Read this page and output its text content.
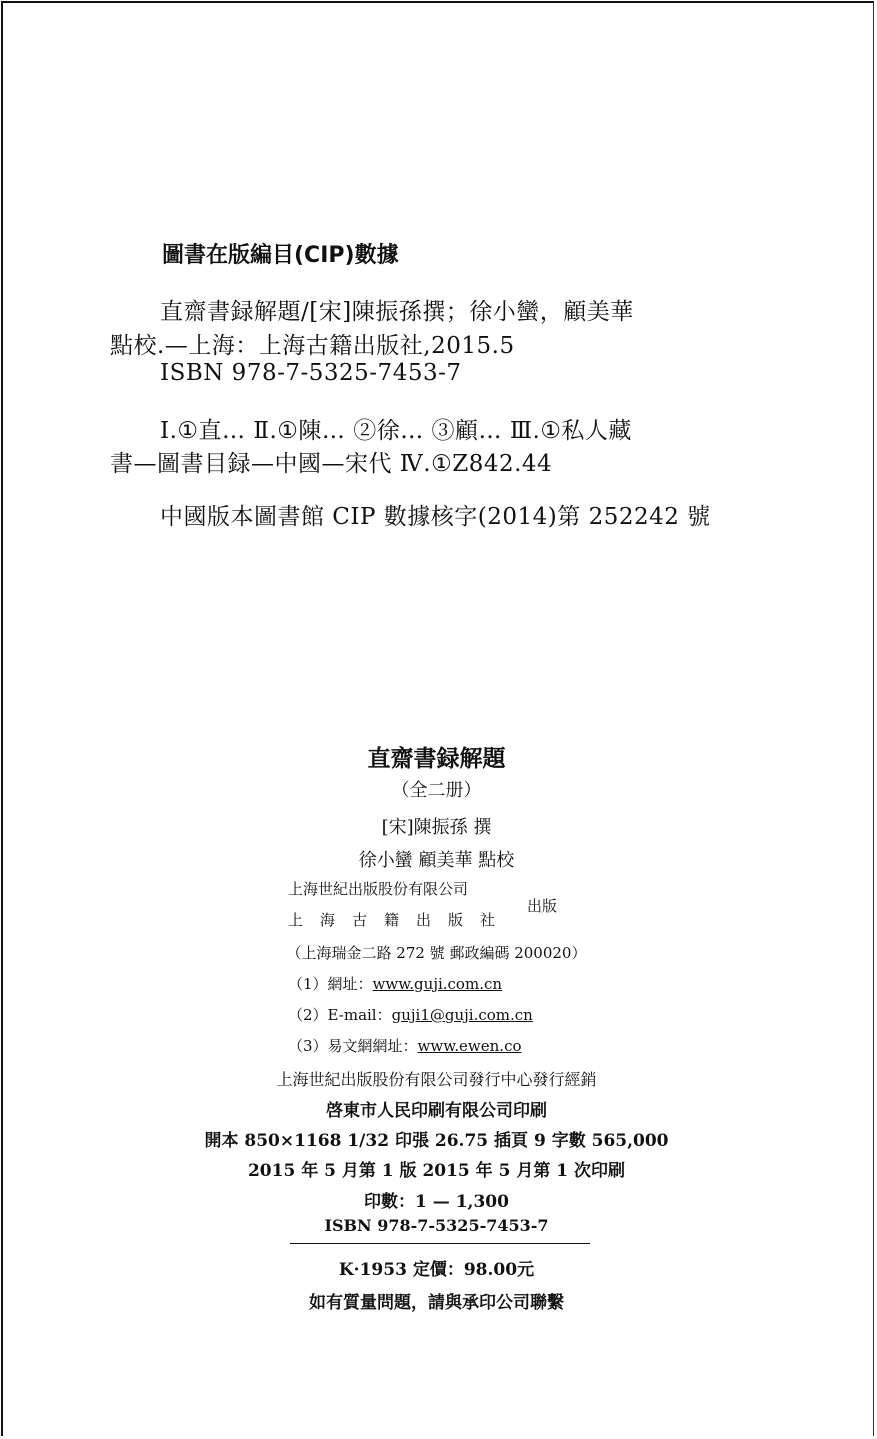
圖書在版編目(CIP)數據
直齋書録解題/[宋]陳振孫撰；徐小蠻，顧美華
點校.—上海：上海古籍出版社,2015.5
ISBN 978-7-5325-7453-7
Ⅰ.①直… Ⅱ.①陳… ②徐… ③顧… Ⅲ.①私人藏
書—圖書目録—中國—宋代 Ⅳ.①Z842.44
中國版本圖書館 CIP 數據核字(2014)第 252242 號
直齋書録解題
（全二册）
[宋]陳振孫 撰
徐小蠻 顧美華 點校
上海世紀出版股份有限公司
上海古籍出版社
出版
（上海瑞金二路 272 號 郵政編碼 200020）
（1）網址：www.guji.com.cn
（2）E-mail：guji1@guji.com.cn
（3）易文網網址：www.ewen.co
上海世紀出版股份有限公司發行中心發行經銷
啓東市人民印刷有限公司印刷
開本 850×1168 1/32 印張 26.75 插頁 9 字數 565,000
2015 年 5 月第 1 版 2015 年 5 月第 1 次印刷
印數：1 — 1,300
ISBN 978-7-5325-7453-7
K·1953 定價：98.00元
如有質量問題，請與承印公司聯繫
